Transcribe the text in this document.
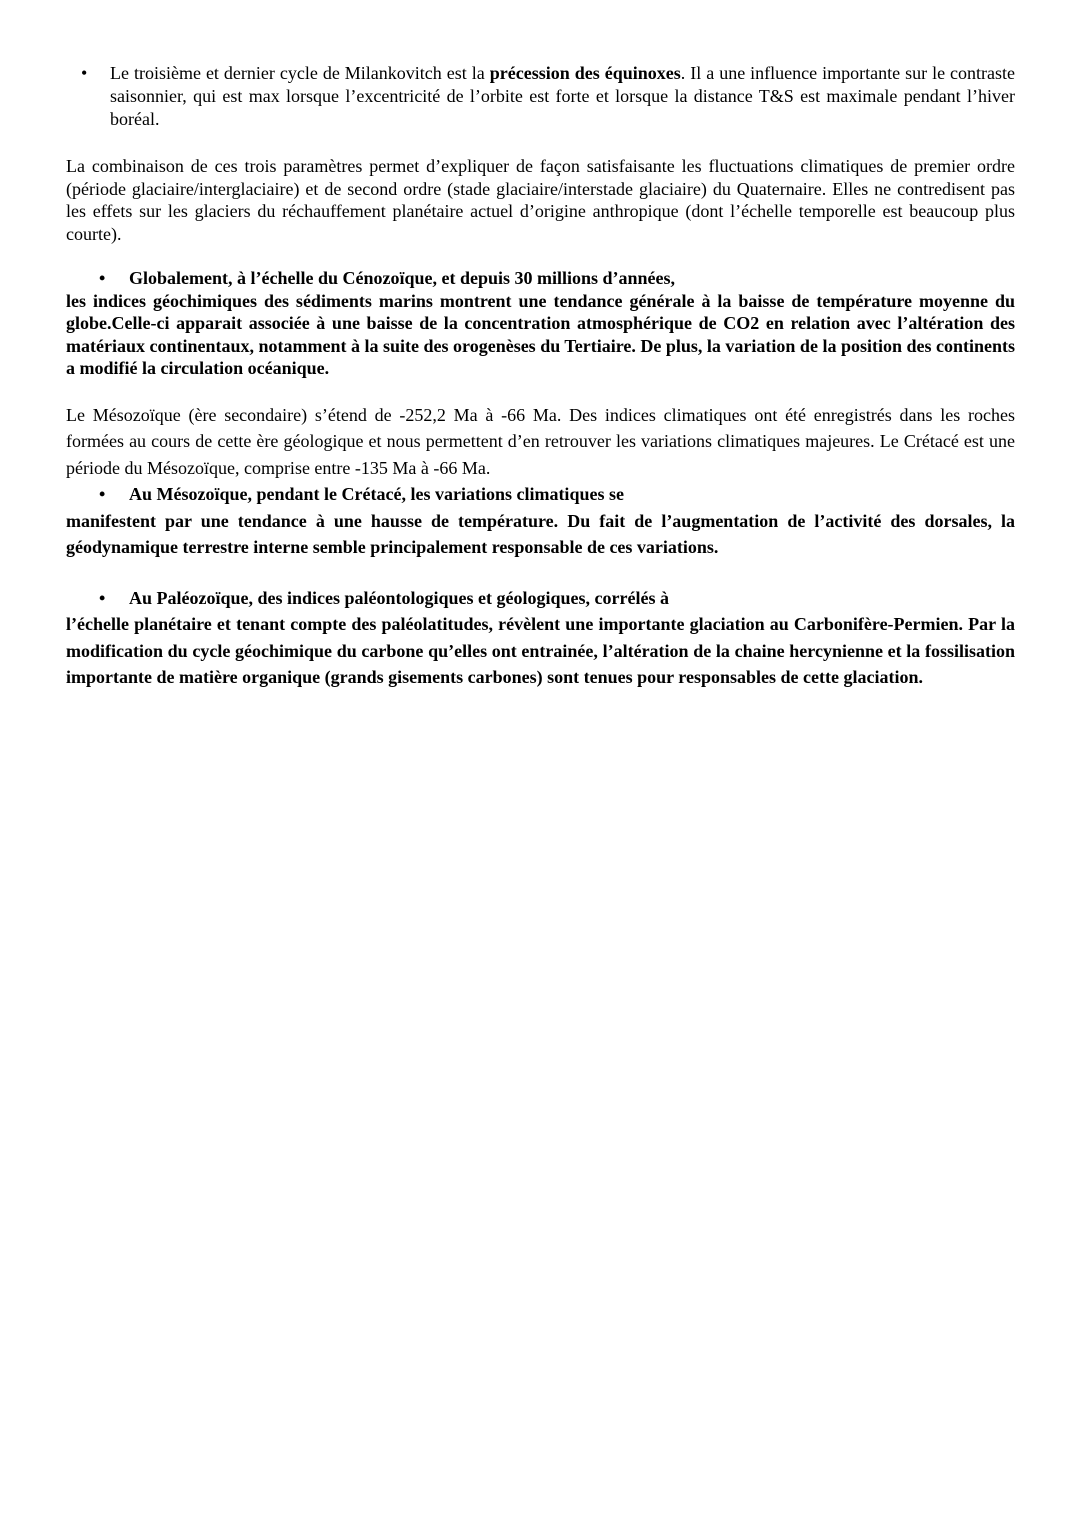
• Le troisième et dernier cycle de Milankovitch est la précession des équinoxes. Il a une influence importante sur le contraste saisonnier, qui est max lorsque l’excentricité de l’orbite est forte et lorsque la distance T&S est maximale pendant l’hiver boréal.

La combinaison de ces trois paramètres permet d’expliquer de façon satisfaisante les fluctuations climatiques de premier ordre (période glaciaire/interglaciaire) et de second ordre (stade glaciaire/interstade glaciaire) du Quaternaire. Elles ne contredisent pas les effets sur les glaciers du réchauffement planétaire actuel d’origine anthropique (dont l’échelle temporelle est beaucoup plus courte).

• Globalement, à l’échelle du Cénozoïque, et depuis 30 millions d’années,

les indices géochimiques des sédiments marins montrent une tendance générale à la baisse de température moyenne du globe.Celle-ci apparait associée à une baisse de la concentration atmosphérique de CO2 en relation avec l’altération des matériaux continentaux, notamment à la suite des orogenèses du Tertiaire. De plus, la variation de la position des continents a modifié la circulation océanique.

Le Mésozoïque (ère secondaire) s’étend de -252,2 Ma à -66 Ma. Des indices climatiques ont été enregistrés dans les roches formées au cours de cette ère géologique et nous permettent d’en retrouver les variations climatiques majeures. Le Crétacé est une période du Mésozoïque, comprise entre -135 Ma à -66 Ma.

• Au Mésozoïque, pendant le Crétacé, les variations climatiques se

manifestent par une tendance à une hausse de température. Du fait de l’augmentation de l’activité des dorsales, la géodynamique terrestre interne semble principalement responsable de ces variations.

• Au Paléozoïque, des indices paléontologiques et géologiques, corrélés à

l’échelle planétaire et tenant compte des paléolatitudes, révèlent une importante glaciation au Carbonifère-Permien. Par la modification du cycle géochimique du carbone qu’elles ont entrainée, l’altération de la chaine hercynienne et la fossilisation importante de matière organique (grands gisements carbones) sont tenues pour responsables de cette glaciation.
